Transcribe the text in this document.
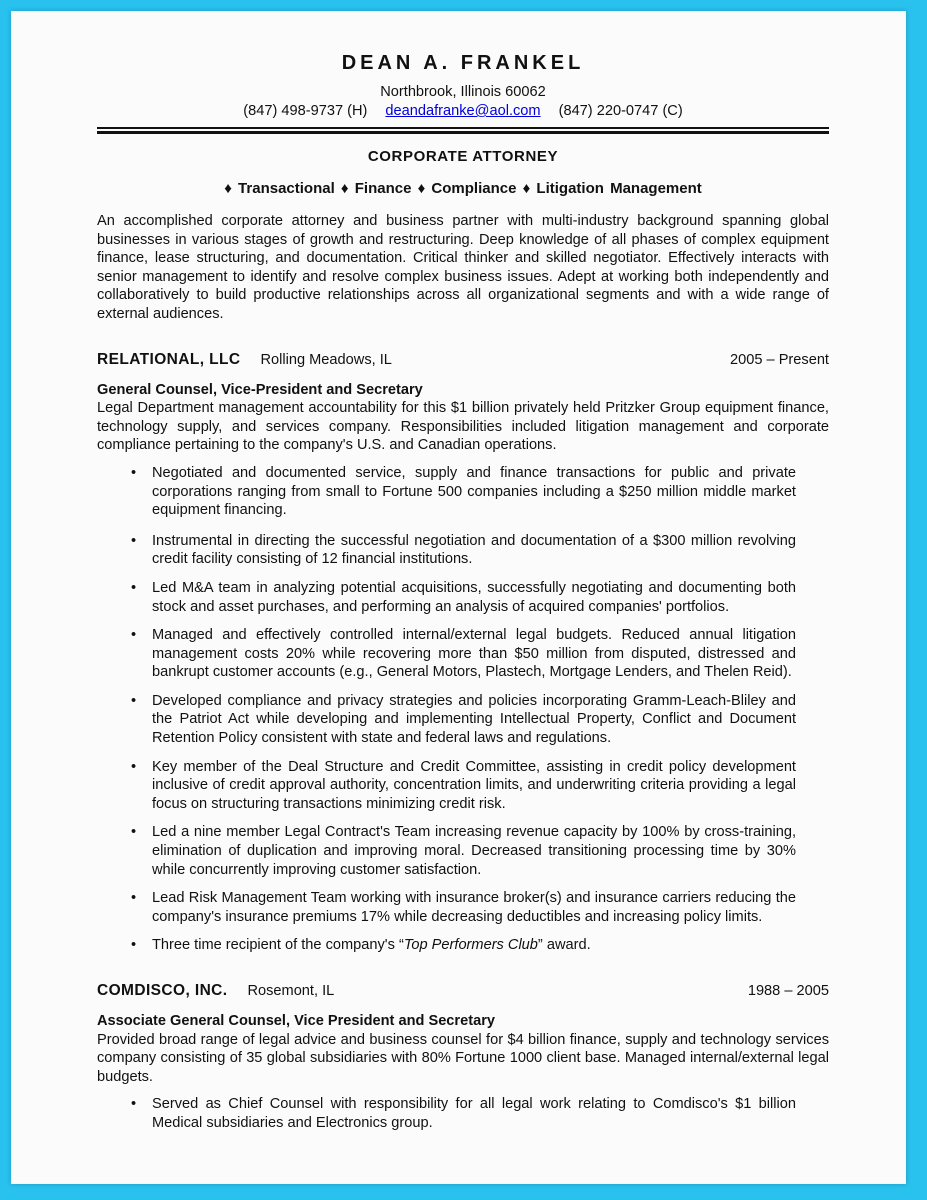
DEAN A. FRANKEL
Northbrook, Illinois 60062
(847) 498-9737 (H) deandafranke@aol.com (847) 220-0747 (C)
CORPORATE ATTORNEY
♦ Transactional ♦ Finance ♦ Compliance ♦ Litigation Management

An accomplished corporate attorney and business partner with multi-industry background spanning global businesses in various stages of growth and restructuring. Deep knowledge of all phases of complex equipment finance, lease structuring, and documentation. Critical thinker and skilled negotiator. Effectively interacts with senior management to identify and resolve complex business issues. Adept at working both independently and collaboratively to build productive relationships across all organizational segments and with a wide range of external audiences.

RELATIONAL, LLC Rolling Meadows, IL	2005 – Present
General Counsel, Vice-President and Secretary

Legal Department management accountability for this $1 billion privately held Pritzker Group equipment finance, technology supply, and services company. Responsibilities included litigation management and corporate compliance pertaining to the company's U.S. and Canadian operations.

• Negotiated and documented service, supply and finance transactions for public and private corporations ranging from small to Fortune 500 companies including a $250 million middle market equipment financing.
• Instrumental in directing the successful negotiation and documentation of a $300 million revolving credit facility consisting of 12 financial institutions.
• Led M&A team in analyzing potential acquisitions, successfully negotiating and documenting both stock and asset purchases, and performing an analysis of acquired companies' portfolios.
• Managed and effectively controlled internal/external legal budgets. Reduced annual litigation management costs 20% while recovering more than $50 million from disputed, distressed and bankrupt customer accounts (e.g., General Motors, Plastech, Mortgage Lenders, and Thelen Reid).
• Developed compliance and privacy strategies and policies incorporating Gramm-Leach-Bliley and the Patriot Act while developing and implementing Intellectual Property, Conflict and Document Retention Policy consistent with state and federal laws and regulations.
• Key member of the Deal Structure and Credit Committee, assisting in credit policy development inclusive of credit approval authority, concentration limits, and underwriting criteria providing a legal focus on structuring transactions minimizing credit risk.
• Led a nine member Legal Contract's Team increasing revenue capacity by 100% by cross-training, elimination of duplication and improving moral. Decreased transitioning processing time by 30% while concurrently improving customer satisfaction.
• Lead Risk Management Team working with insurance broker(s) and insurance carriers reducing the company's insurance premiums 17% while decreasing deductibles and increasing policy limits.
• Three time recipient of the company's “Top Performers Club” award.
COMDISCO, INC. Rosemont, IL	1988 – 2005
Associate General Counsel, Vice President and Secretary

Provided broad range of legal advice and business counsel for $4 billion finance, supply and technology services company consisting of 35 global subsidiaries with 80% Fortune 1000 client base. Managed internal/external legal budgets.

• Served as Chief Counsel with responsibility for all legal work relating to Comdisco's $1 billion Medical subsidiaries and Electronics group.
